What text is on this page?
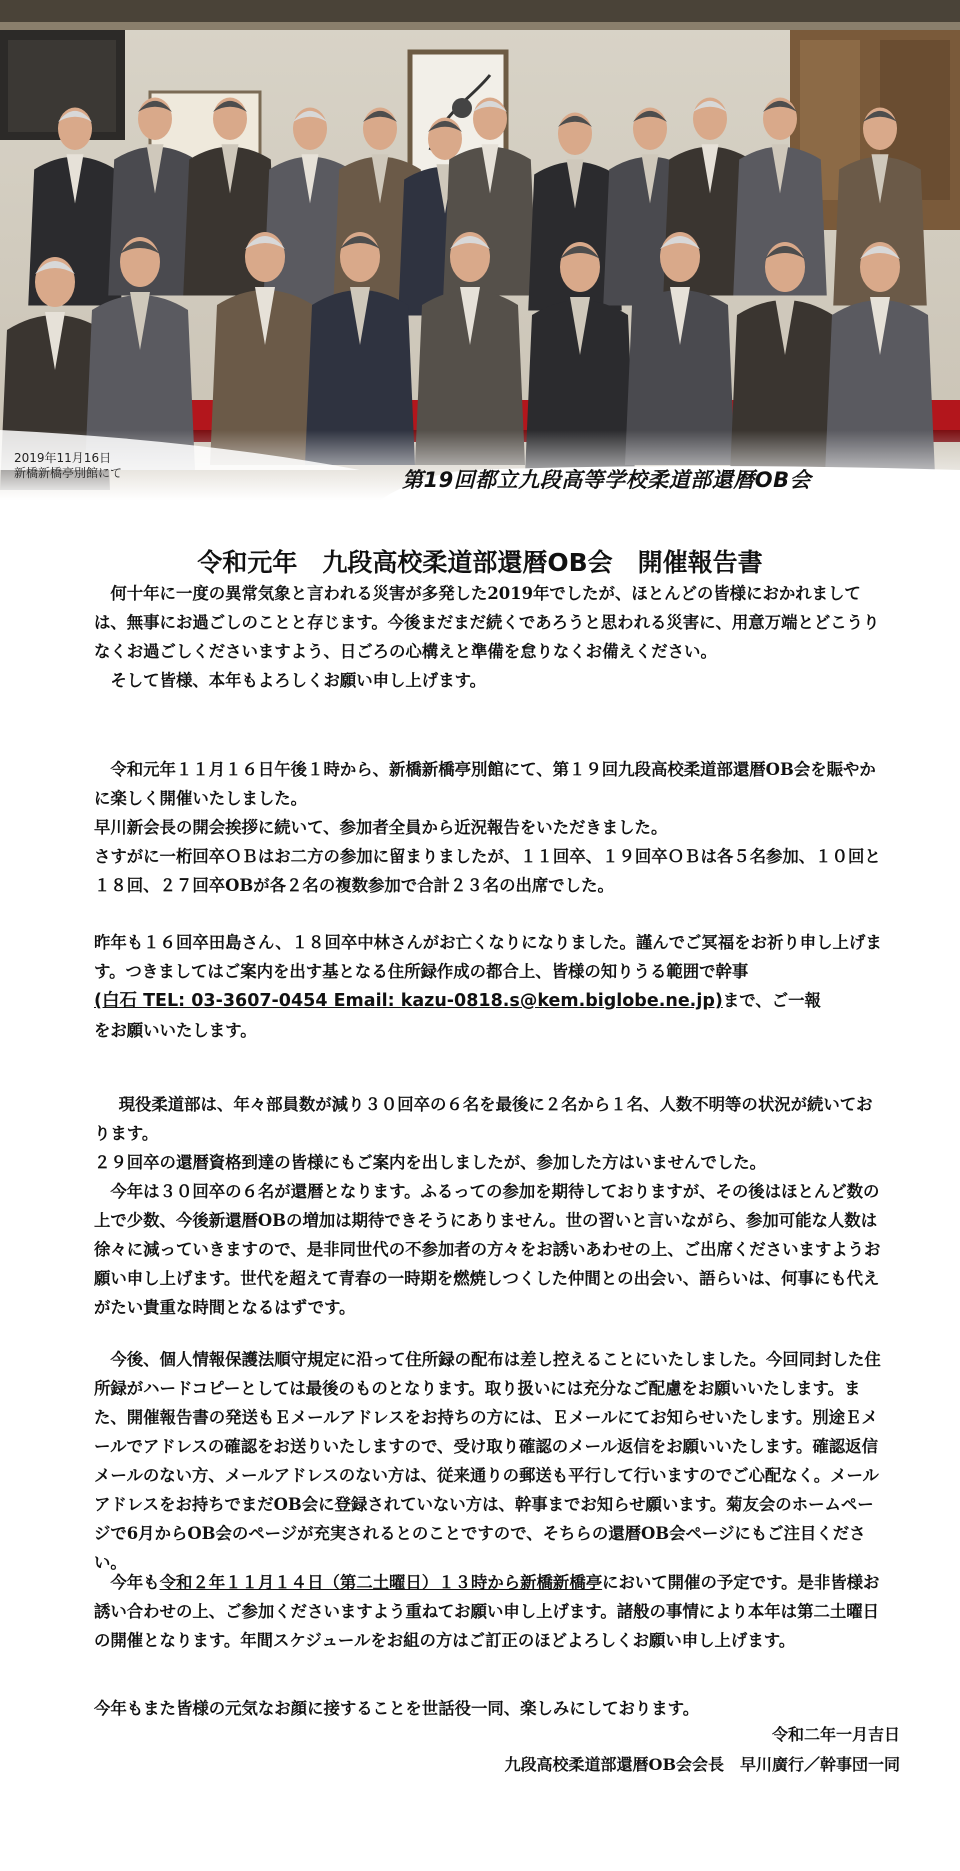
2019年11月16日
新橋新橋亭別館にて	第19回都立九段高等学校柔道部還暦OB会
令和元年　九段高校柔道部還暦OB会　開催報告書

何十年に一度の異常気象と言われる災害が多発した2019年でしたが、ほとんどの皆様におかれましては、無事にお過ごしのことと存じます。今後まだまだ続くであろうと思われる災害に、用意万端とどこうりなくお過ごしくださいますよう、日ごろの心構えと準備を怠りなくお備えください。

そして皆様、本年もよろしくお願い申し上げます。

令和元年１１月１６日午後１時から、新橋新橋亭別館にて、第１９回九段高校柔道部還暦OB会を賑やかに楽しく開催いたしました。

早川新会長の開会挨拶に続いて、参加者全員から近況報告をいただきました。

さすがに一桁回卒ＯＢはお二方の参加に留まりましたが、１１回卒、１９回卒ＯＢは各５名参加、１０回と１８回、２７回卒OBが各２名の複数参加で合計２３名の出席でした。

昨年も１６回卒田島さん、１８回卒中林さんがお亡くなりになりました。謹んでご冥福をお祈り申し上げます。つきましてはご案内を出す基となる住所録作成の都合上、皆様の知りうる範囲で幹事

(白石 TEL: 03-3607-0454 Email: kazu-0818.s@kem.biglobe.ne.jp)まで、ご一報

をお願いいたします。

現役柔道部は、年々部員数が減り３０回卒の６名を最後に２名から１名、人数不明等の状況が続いております。

２９回卒の還暦資格到達の皆様にもご案内を出しましたが、参加した方はいませんでした。

今年は３０回卒の６名が還暦となります。ふるっての参加を期待しておりますが、その後はほとんど数の上で少数、今後新還暦OBの増加は期待できそうにありません。世の習いと言いながら、参加可能な人数は徐々に減っていきますので、是非同世代の不参加者の方々をお誘いあわせの上、ご出席くださいますようお願い申し上げます。世代を超えて青春の一時期を燃焼しつくした仲間との出会い、語らいは、何事にも代えがたい貴重な時間となるはずです。

今後、個人情報保護法順守規定に沿って住所録の配布は差し控えることにいたしました。今回同封した住所録がハードコピーとしては最後のものとなります。取り扱いには充分なご配慮をお願いいたします。また、開催報告書の発送もＥメールアドレスをお持ちの方には、Ｅメールにてお知らせいたします。別途Ｅメールでアドレスの確認をお送りいたしますので、受け取り確認のメール返信をお願いいたします。確認返信メールのない方、メールアドレスのない方は、従来通りの郵送も平行して行いますのでご心配なく。メールアドレスをお持ちでまだOB会に登録されていない方は、幹事までお知らせ願います。菊友会のホームページで6月からOB会のページが充実されるとのことですので、そちらの還暦OB会ページにもご注目ください。

今年も令和２年１１月１４日（第二土曜日）１３時から新橋新橋亭において開催の予定です。是非皆様お誘い合わせの上、ご参加くださいますよう重ねてお願い申し上げます。諸般の事情により本年は第二土曜日の開催となります。年間スケジュールをお組の方はご訂正のほどよろしくお願い申し上げます。

今年もまた皆様の元気なお顔に接することを世話役一同、楽しみにしております。

令和二年一月吉日
九段高校柔道部還暦OB会会長　早川廣行／幹事団一同
